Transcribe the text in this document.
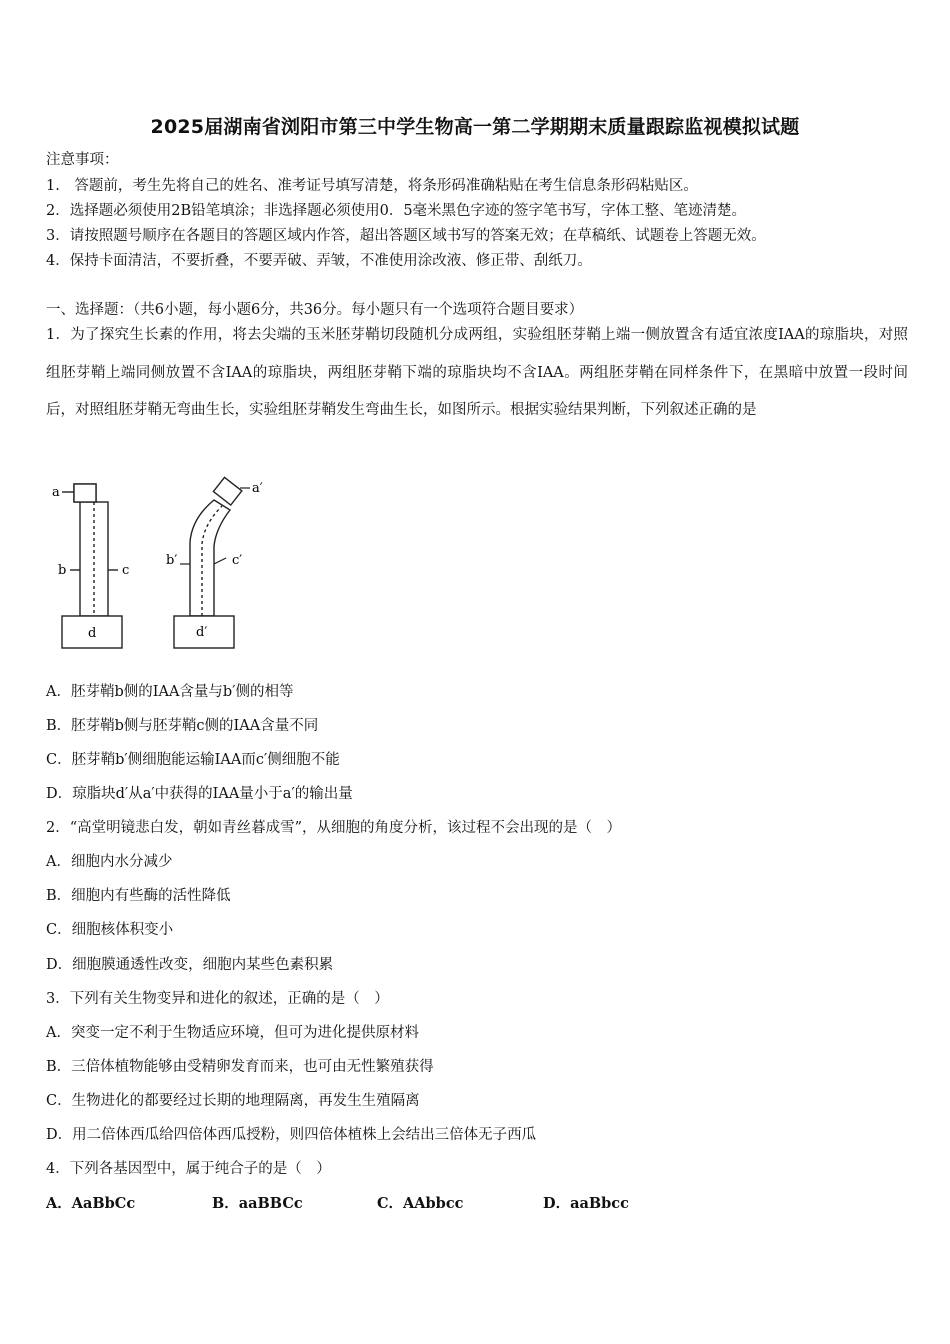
2025届湖南省浏阳市第三中学生物高一第二学期期末质量跟踪监视模拟试题
注意事项：
1.　答题前，考生先将自己的姓名、准考证号填写清楚，将条形码准确粘贴在考生信息条形码粘贴区。
2．选择题必须使用2B铅笔填涂；非选择题必须使用0．5毫米黑色字迹的签字笔书写，字体工整、笔迹清楚。
3．请按照题号顺序在各题目的答题区域内作答，超出答题区域书写的答案无效；在草稿纸、试题卷上答题无效。
4．保持卡面清洁，不要折叠，不要弄破、弄皱，不准使用涂改液、修正带、刮纸刀。
一、选择题：（共6小题，每小题6分，共36分。每小题只有一个选项符合题目要求）
1．为了探究生长素的作用，将去尖端的玉米胚芽鞘切段随机分成两组，实验组胚芽鞘上端一侧放置含有适宜浓度IAA的琼脂块，对照组胚芽鞘上端同侧放置不含IAA的琼脂块，两组胚芽鞘下端的琼脂块均不含IAA。两组胚芽鞘在同样条件下，在黑暗中放置一段时间后，对照组胚芽鞘无弯曲生长，实验组胚芽鞘发生弯曲生长，如图所示。根据实验结果判断，下列叙述正确的是
a
b	c
d
a′
b′	c′
d′
A．胚芽鞘b侧的IAA含量与b′侧的相等
B．胚芽鞘b侧与胚芽鞘c侧的IAA含量不同
C．胚芽鞘b′侧细胞能运输IAA而c′侧细胞不能
D．琼脂块d′从a′中获得的IAA量小于a′的输出量
2．“高堂明镜悲白发，朝如青丝暮成雪”，从细胞的角度分析，该过程不会出现的是（　）
A．细胞内水分减少
B．细胞内有些酶的活性降低
C．细胞核体积变小
D．细胞膜通透性改变，细胞内某些色素积累
3．下列有关生物变异和进化的叙述，正确的是（　）
A．突变一定不利于生物适应环境，但可为进化提供原材料
B．三倍体植物能够由受精卵发育而来，也可由无性繁殖获得
C．生物进化的都要经过长期的地理隔离，再发生生殖隔离
D．用二倍体西瓜给四倍体西瓜授粉，则四倍体植株上会结出三倍体无子西瓜
4．下列各基因型中，属于纯合子的是（　）
A．AaBbCc	B．aaBBCc	C．AAbbcc	D．aaBbcc
